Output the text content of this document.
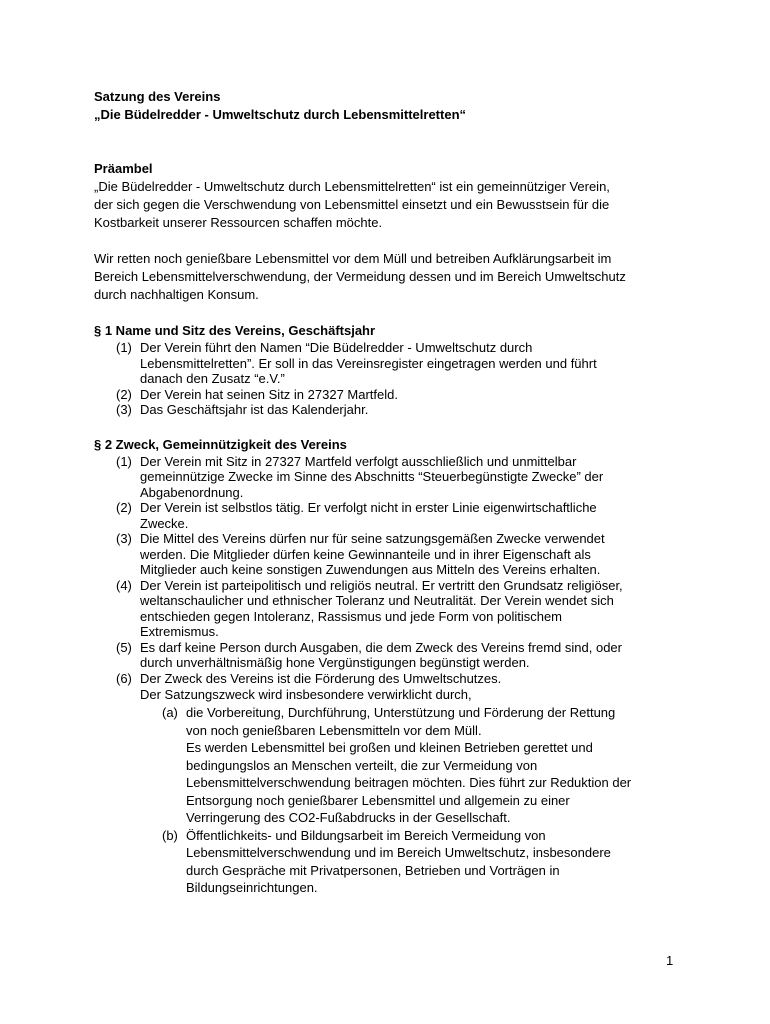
Satzung des Vereins
„Die Büdelredder - Umweltschutz durch Lebensmittelretten“
Präambel
„Die Büdelredder - Umweltschutz durch Lebensmittelretten“ ist ein gemeinnütziger Verein,
der sich gegen die Verschwendung von Lebensmittel einsetzt und ein Bewusstsein für die
Kostbarkeit unserer Ressourcen schaffen möchte.
Wir retten noch genießbare Lebensmittel vor dem Müll und betreiben Aufklärungsarbeit im
Bereich Lebensmittelverschwendung, der Vermeidung dessen und im Bereich Umweltschutz
durch nachhaltigen Konsum.
§ 1 Name und Sitz des Vereins, Geschäftsjahr
(1) Der Verein führt den Namen “Die Büdelredder - Umweltschutz durch
Lebensmittelretten”. Er soll in das Vereinsregister eingetragen werden und führt
danach den Zusatz “e.V.”
(2) Der Verein hat seinen Sitz in 27327 Martfeld.
(3) Das Geschäftsjahr ist das Kalenderjahr.
§ 2 Zweck, Gemeinnützigkeit des Vereins
(1) Der Verein mit Sitz in 27327 Martfeld verfolgt ausschließlich und unmittelbar
gemeinnützige Zwecke im Sinne des Abschnitts “Steuerbegünstigte Zwecke” der
Abgabenordnung.
(2) Der Verein ist selbstlos tätig. Er verfolgt nicht in erster Linie eigenwirtschaftliche
Zwecke.
(3) Die Mittel des Vereins dürfen nur für seine satzungsgemäßen Zwecke verwendet
werden. Die Mitglieder dürfen keine Gewinnanteile und in ihrer Eigenschaft als
Mitglieder auch keine sonstigen Zuwendungen aus Mitteln des Vereins erhalten.
(4) Der Verein ist parteipolitisch und religiös neutral. Er vertritt den Grundsatz religiöser,
weltanschaulicher und ethnischer Toleranz und Neutralität. Der Verein wendet sich
entschieden gegen Intoleranz, Rassismus und jede Form von politischem
Extremismus.
(5) Es darf keine Person durch Ausgaben, die dem Zweck des Vereins fremd sind, oder
durch unverhältnismäßig hone Vergünstigungen begünstigt werden.
(6) Der Zweck des Vereins ist die Förderung des Umweltschutzes.
Der Satzungszweck wird insbesondere verwirklicht durch,
(a) die Vorbereitung, Durchführung, Unterstützung und Förderung der Rettung
von noch genießbaren Lebensmitteln vor dem Müll.
Es werden Lebensmittel bei großen und kleinen Betrieben gerettet und
bedingungslos an Menschen verteilt, die zur Vermeidung von
Lebensmittelverschwendung beitragen möchten. Dies führt zur Reduktion der
Entsorgung noch genießbarer Lebensmittel und allgemein zu einer
Verringerung des CO2-Fußabdrucks in der Gesellschaft.
(b) Öffentlichkeits- und Bildungsarbeit im Bereich Vermeidung von
Lebensmittelverschwendung und im Bereich Umweltschutz, insbesondere
durch Gespräche mit Privatpersonen, Betrieben und Vorträgen in
Bildungseinrichtungen.
1
